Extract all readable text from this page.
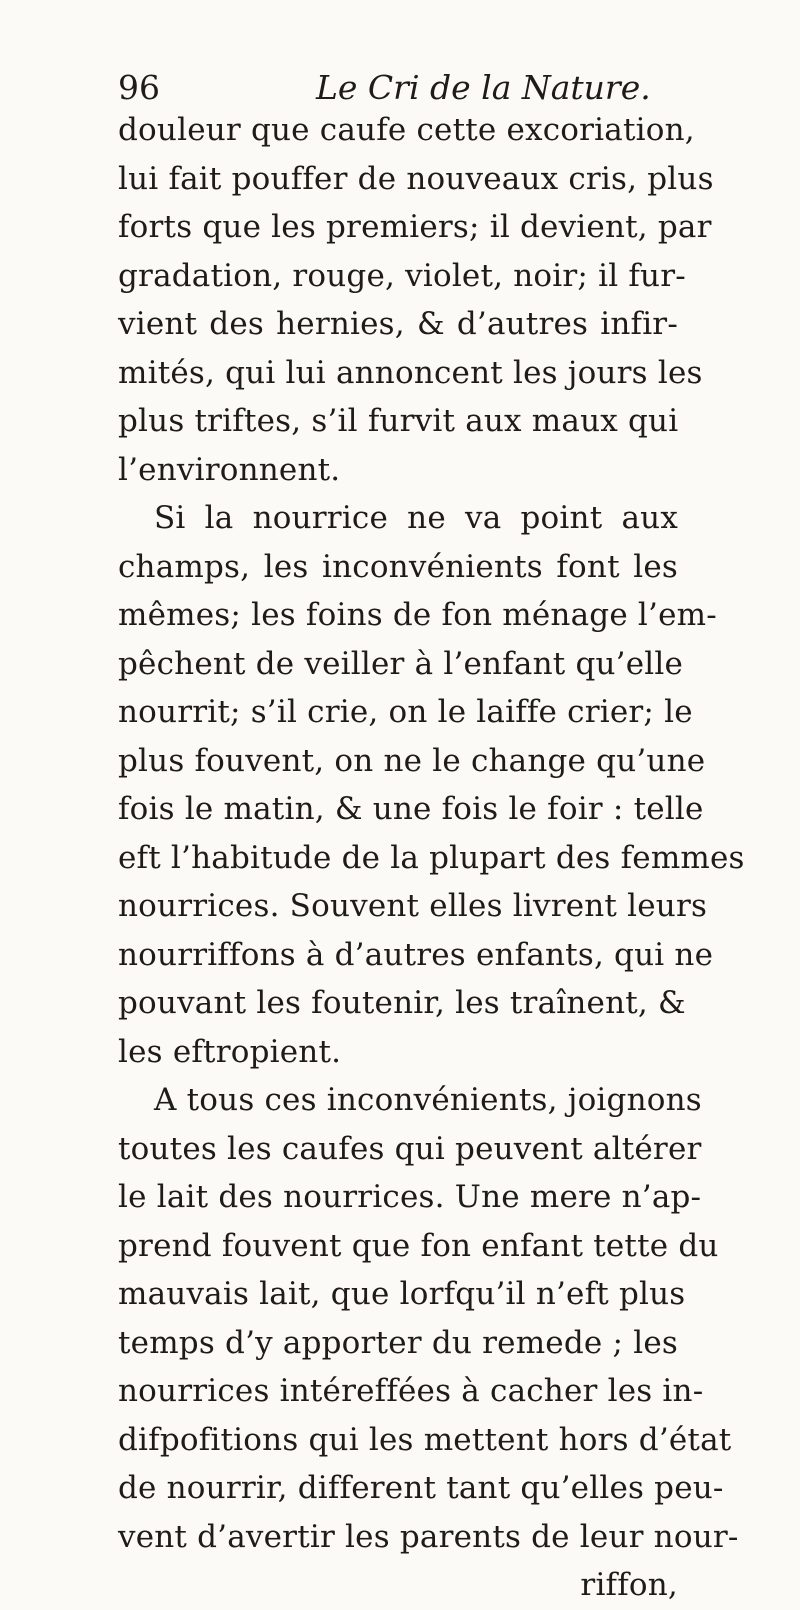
96	Le Cri de la Nature.
douleur que caufe cette excoriation,
lui fait pouffer de nouveaux cris, plus
forts que les premiers; il devient, par
gradation, rouge, violet, noir; il fur-
vient des hernies, & d’autres infir-
mités, qui lui annoncent les jours les
plus triftes, s’il furvit aux maux qui
l’environnent.
Si la nourrice ne va point aux
champs, les inconvénients font les
mêmes; les foins de fon ménage l’em-
pêchent de veiller à l’enfant qu’elle
nourrit; s’il crie, on le laiffe crier; le
plus fouvent, on ne le change qu’une
fois le matin, & une fois le foir : telle
eft l’habitude de la plupart des femmes
nourrices. Souvent elles livrent leurs
nourriffons à d’autres enfants, qui ne
pouvant les foutenir, les traînent, &
les eftropient.
A tous ces inconvénients, joignons
toutes les caufes qui peuvent altérer
le lait des nourrices. Une mere n’ap-
prend fouvent que fon enfant tette du
mauvais lait, que lorfqu’il n’eft plus
temps d’y apporter du remede ; les
nourrices intéreffées à cacher les in-
difpofitions qui les mettent hors d’état
de nourrir, different tant qu’elles peu-
vent d’avertir les parents de leur nour-
riffon,
